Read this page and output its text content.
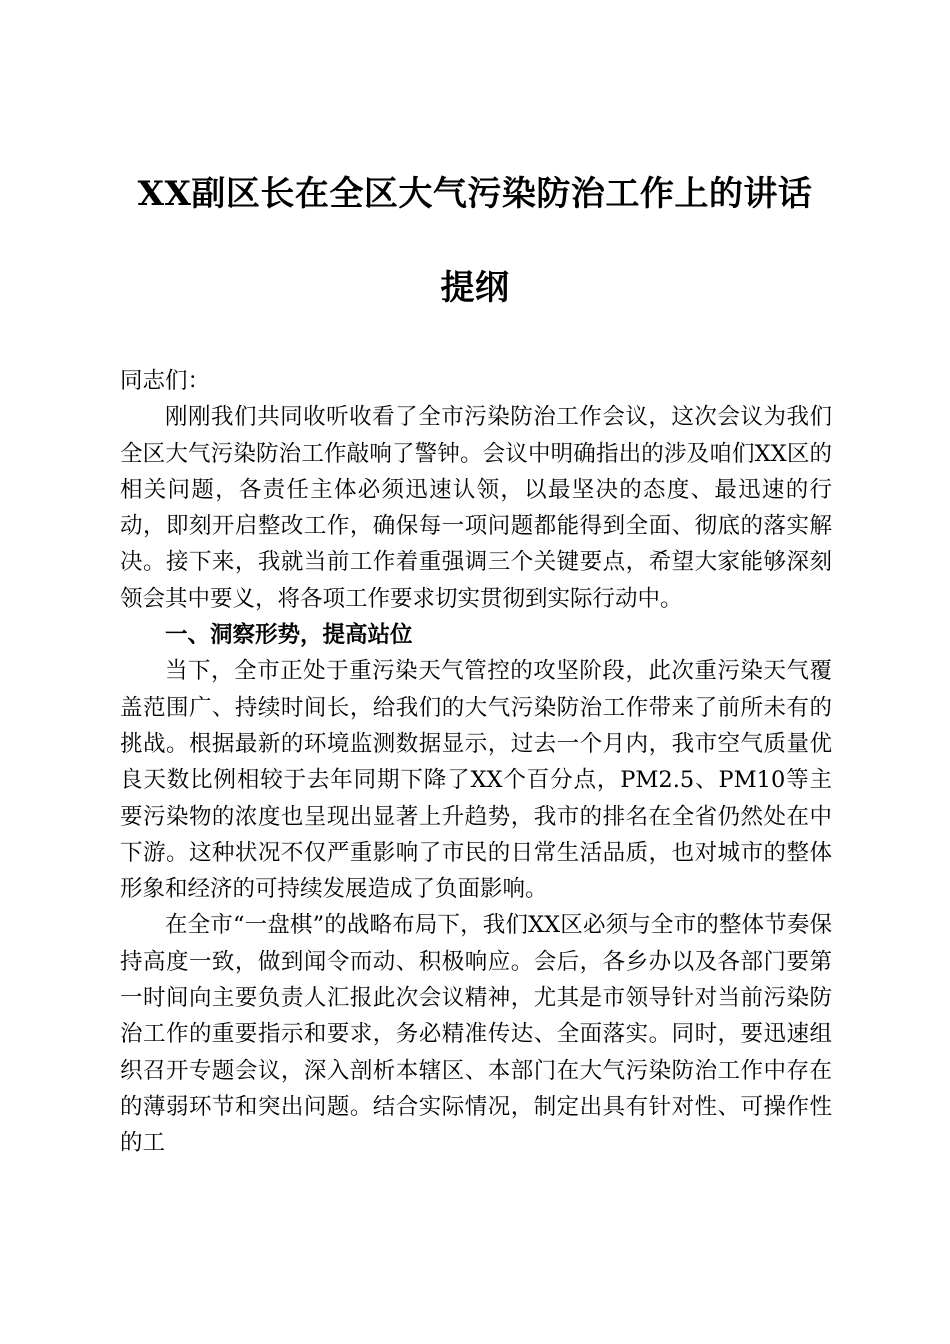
XX副区长在全区大气污染防治工作上的讲话
提纲

同志们：

刚刚我们共同收听收看了全市污染防治工作会议，这次会议为我们全区大气污染防治工作敲响了警钟。会议中明确指出的涉及咱们XX区的相关问题，各责任主体必须迅速认领，以最坚决的态度、最迅速的行动，即刻开启整改工作，确保每一项问题都能得到全面、彻底的落实解决。接下来，我就当前工作着重强调三个关键要点，希望大家能够深刻领会其中要义，将各项工作要求切实贯彻到实际行动中。

一、洞察形势，提高站位

当下，全市正处于重污染天气管控的攻坚阶段，此次重污染天气覆盖范围广、持续时间长，给我们的大气污染防治工作带来了前所未有的挑战。根据最新的环境监测数据显示，过去一个月内，我市空气质量优良天数比例相较于去年同期下降了XX个百分点，PM2.5、PM10等主要污染物的浓度也呈现出显著上升趋势，我市的排名在全省仍然处在中下游。这种状况不仅严重影响了市民的日常生活品质，也对城市的整体形象和经济的可持续发展造成了负面影响。

在全市“一盘棋”的战略布局下，我们XX区必须与全市的整体节奏保持高度一致，做到闻令而动、积极响应。会后，各乡办以及各部门要第一时间向主要负责人汇报此次会议精神，尤其是市领导针对当前污染防治工作的重要指示和要求，务必精准传达、全面落实。同时，要迅速组织召开专题会议，深入剖析本辖区、本部门在大气污染防治工作中存在的薄弱环节和突出问题。结合实际情况，制定出具有针对性、可操作性的工
